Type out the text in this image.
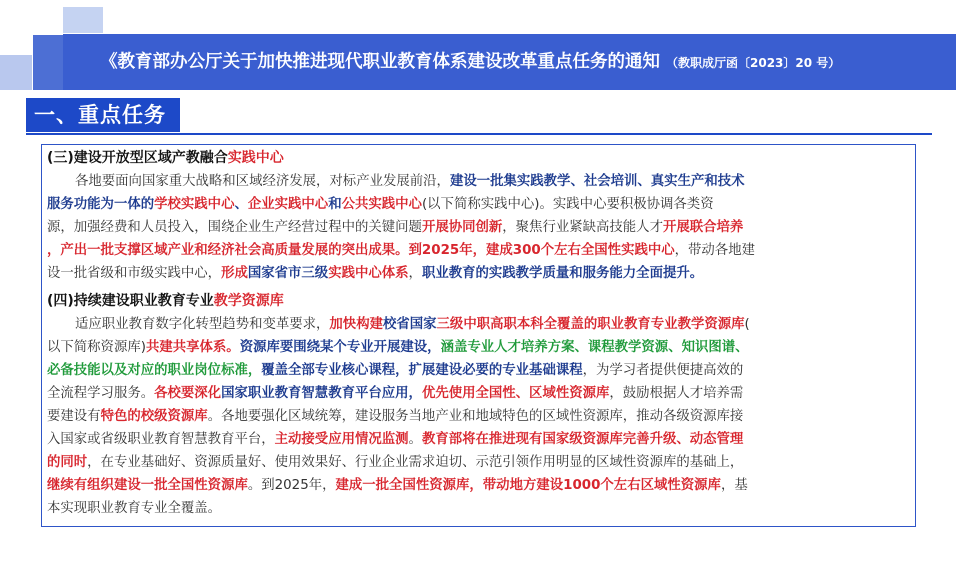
《教育部办公厅关于加快推进现代职业教育体系建设改革重点任务的通知 （教职成厅函〔2023〕20 号）
一、重点任务
(三)建设开放型区域产教融合实践中心
各地要面向国家重大战略和区域经济发展，对标产业发展前沿，建设一批集实践教学、社会培训、真实生产和技术
服务功能为一体的学校实践中心、企业实践中心和公共实践中心(以下简称实践中心)。实践中心要积极协调各类资
源，加强经费和人员投入，围绕企业生产经营过程中的关键问题开展协同创新，聚焦行业紧缺高技能人才开展联合培养
，产出一批支撑区域产业和经济社会高质量发展的突出成果。到2025年，建成300个左右全国性实践中心，带动各地建
设一批省级和市级实践中心，形成国家省市三级实践中心体系，职业教育的实践教学质量和服务能力全面提升。
(四)持续建设职业教育专业教学资源库
适应职业教育数字化转型趋势和变革要求，加快构建校省国家三级中职高职本科全覆盖的职业教育专业教学资源库(
以下简称资源库)共建共享体系。资源库要围绕某个专业开展建设，涵盖专业人才培养方案、课程教学资源、知识图谱、
必备技能以及对应的职业岗位标准，覆盖全部专业核心课程，扩展建设必要的专业基础课程，为学习者提供便捷高效的
全流程学习服务。各校要深化国家职业教育智慧教育平台应用，优先使用全国性、区域性资源库，鼓励根据人才培养需
要建设有特色的校级资源库。各地要强化区域统筹，建设服务当地产业和地域特色的区域性资源库，推动各级资源库接
入国家或省级职业教育智慧教育平台，主动接受应用情况监测。教育部将在推进现有国家级资源库完善升级、动态管理
的同时，在专业基础好、资源质量好、使用效果好、行业企业需求迫切、示范引领作用明显的区域性资源库的基础上，
继续有组织建设一批全国性资源库。到2025年，建成一批全国性资源库，带动地方建设1000个左右区域性资源库，基
本实现职业教育专业全覆盖。
